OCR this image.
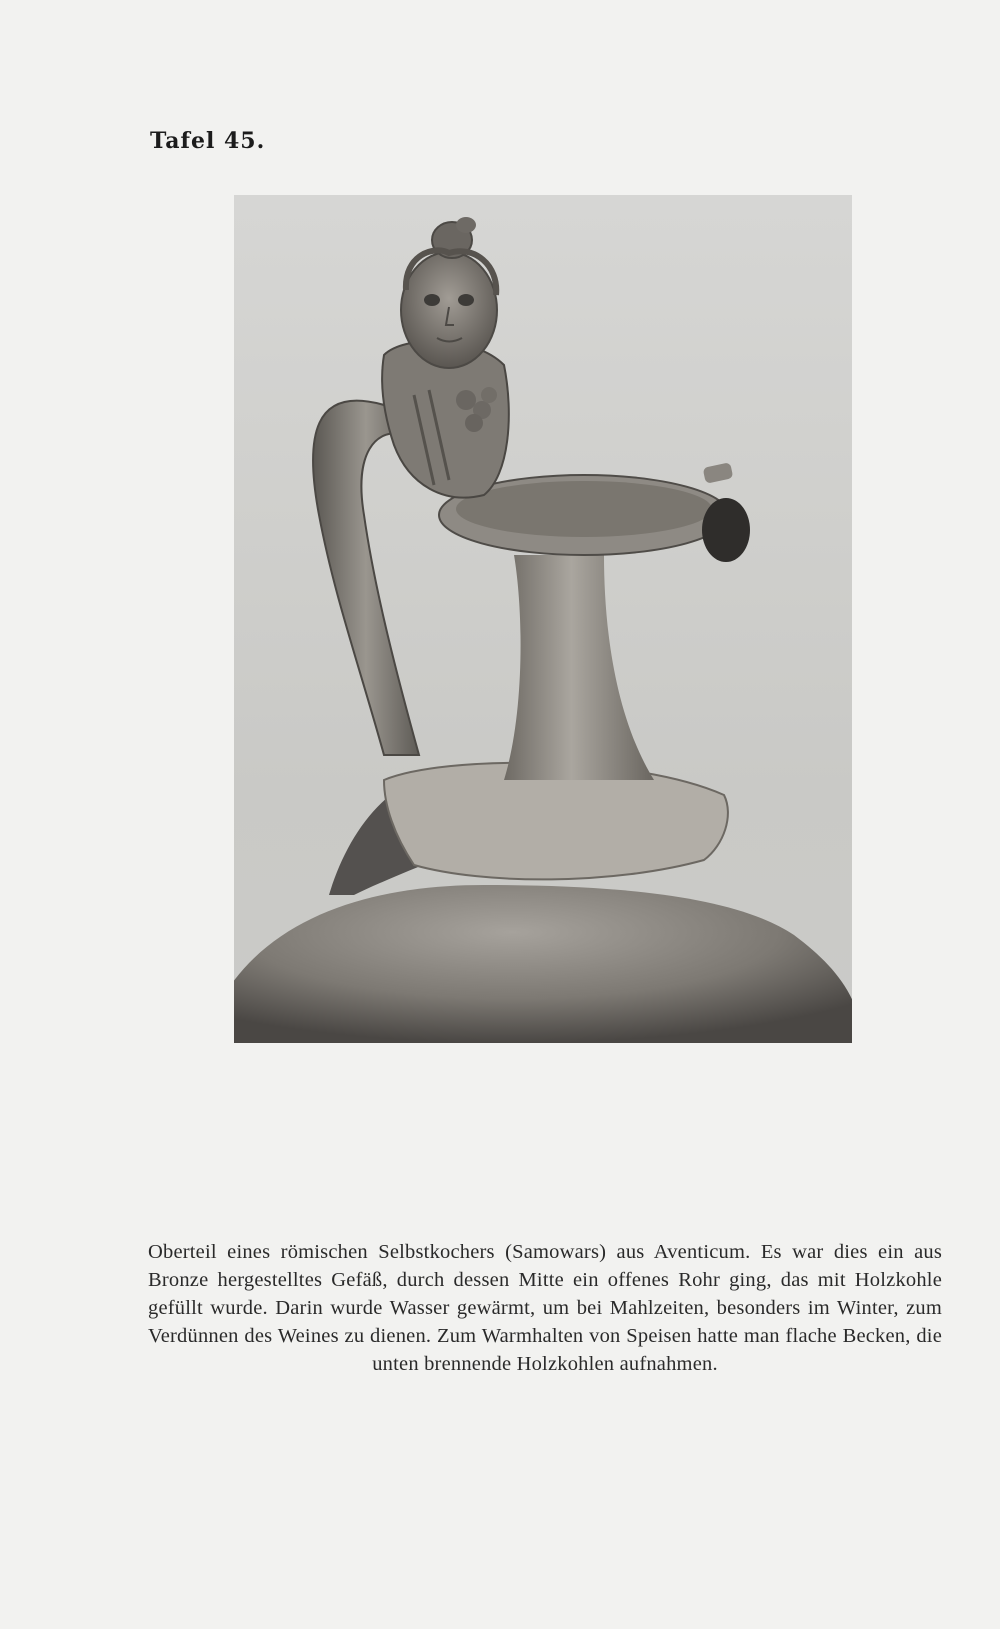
Tafel 45.
Oberteil eines römischen Selbstkochers (Samowars) aus Aventicum. Es war dies ein aus Bronze hergestelltes Gefäß, durch dessen Mitte ein offenes Rohr ging, das mit Holzkohle gefüllt wurde. Darin wurde Wasser gewärmt, um bei Mahlzeiten, besonders im Winter, zum Verdünnen des Weines zu dienen. Zum Warmhalten von Speisen hatte man flache Becken, die unten brennende Holzkohlen aufnahmen.
